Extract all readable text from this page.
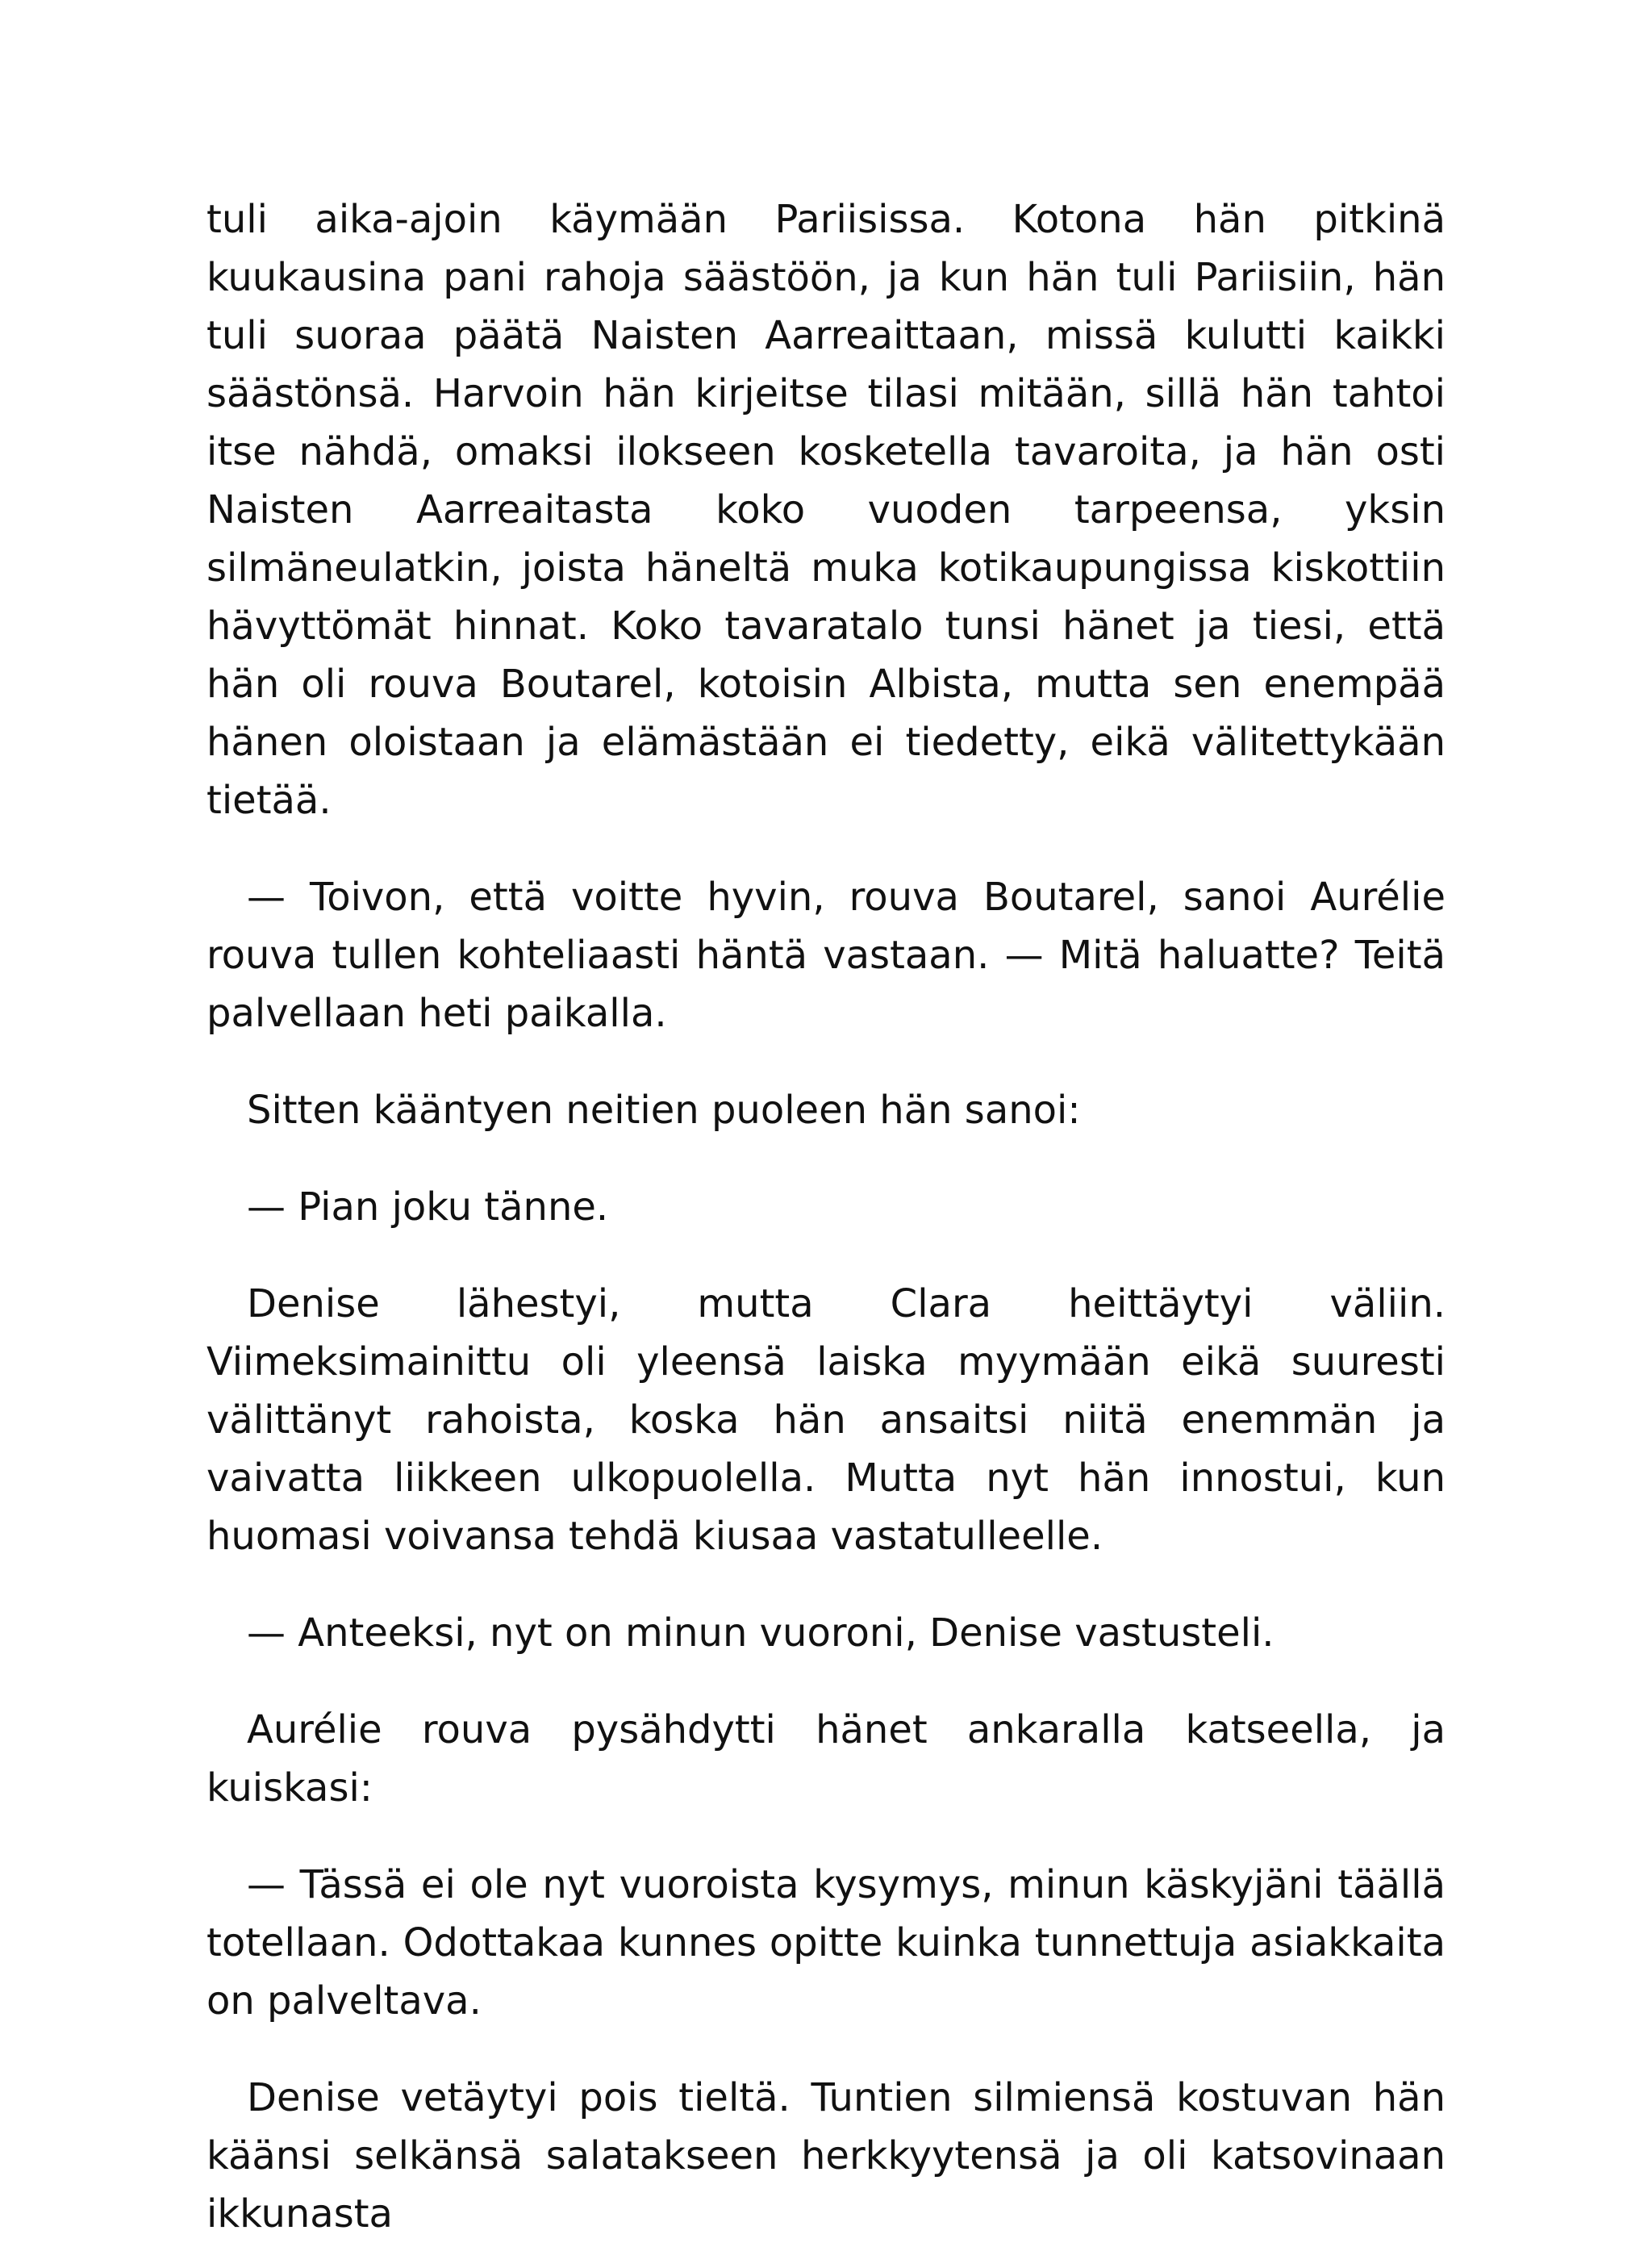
tuli aika-ajoin käymään Pariisissa. Kotona hän pitkinä kuukausina pani rahoja säästöön, ja kun hän tuli Pariisiin, hän tuli suoraa päätä Naisten Aarreaittaan, missä kulutti kaikki säästönsä. Harvoin hän kirjeitse tilasi mitään, sillä hän tahtoi itse nähdä, omaksi ilokseen kosketella tavaroita, ja hän osti Naisten Aarreaitasta koko vuoden tarpeensa, yksin silmäneulatkin, joista häneltä muka kotikaupungissa kiskottiin hävyttömät hinnat. Koko tavaratalo tunsi hänet ja tiesi, että hän oli rouva Boutarel, kotoisin Albista, mutta sen enempää hänen oloistaan ja elämästään ei tiedetty, eikä välitettykään tietää.

— Toivon, että voitte hyvin, rouva Boutarel, sanoi Aurélie rouva tullen kohteliaasti häntä vastaan. — Mitä haluatte? Teitä palvellaan heti paikalla.

Sitten kääntyen neitien puoleen hän sanoi:

— Pian joku tänne.

Denise lähestyi, mutta Clara heittäytyi väliin. Viimeksimainittu oli yleensä laiska myymään eikä suuresti välittänyt rahoista, koska hän ansaitsi niitä enemmän ja vaivatta liikkeen ulkopuolella. Mutta nyt hän innostui, kun huomasi voivansa tehdä kiusaa vastatulleelle.

— Anteeksi, nyt on minun vuoroni, Denise vastusteli.

Aurélie rouva pysähdytti hänet ankaralla katseella, ja kuiskasi:

— Tässä ei ole nyt vuoroista kysymys, minun käskyjäni täällä totellaan. Odottakaa kunnes opitte kuinka tunnettuja asiakkaita on palveltava.

Denise vetäytyi pois tieltä. Tuntien silmiensä kostuvan hän käänsi selkänsä salatakseen herkkyytensä ja oli katsovinaan ikkunasta
